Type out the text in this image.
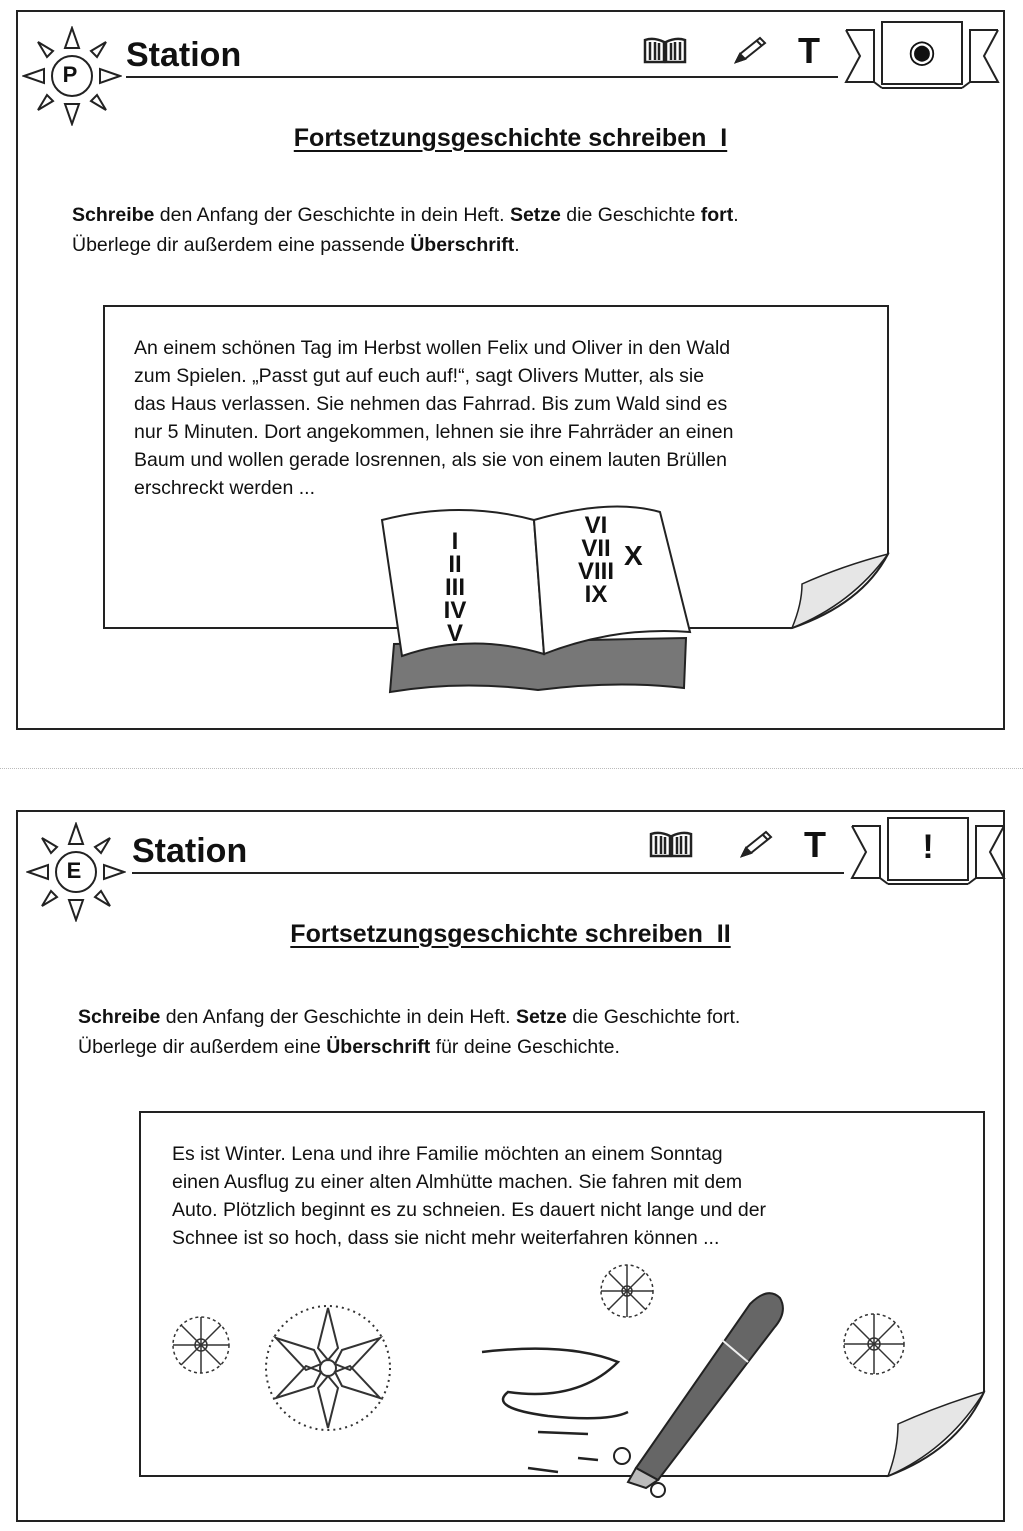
P
Station	T	◉
Fortsetzungsgeschichte schreiben  I
Schreibe den Anfang der Geschichte in dein Heft. Setze die Geschichte fort.
Überlege dir außerdem eine passende Überschrift.
An einem schönen Tag im Herbst wollen Felix und Oliver in den Wald
zum Spielen. „Passt gut auf euch auf!“, sagt Olivers Mutter, als sie
das Haus verlassen. Sie nehmen das Fahrrad. Bis zum Wald sind es
nur 5 Minuten. Dort angekommen, lehnen sie ihre Fahrräder an einen
Baum und wollen gerade losrennen, als sie von einem lauten Brüllen
erschreckt werden ...
I
II
III
IV
V
VI
VII
VIII
IX
X
E
Station	T	!
Fortsetzungsgeschichte schreiben  II
Schreibe den Anfang der Geschichte in dein Heft. Setze die Geschichte fort.
Überlege dir außerdem eine Überschrift für deine Geschichte.
Es ist Winter. Lena und ihre Familie möchten an einem Sonntag
einen Ausflug zu einer alten Almhütte machen. Sie fahren mit dem
Auto. Plötzlich beginnt es zu schneien. Es dauert nicht lange und der
Schnee ist so hoch, dass sie nicht mehr weiterfahren können ...
